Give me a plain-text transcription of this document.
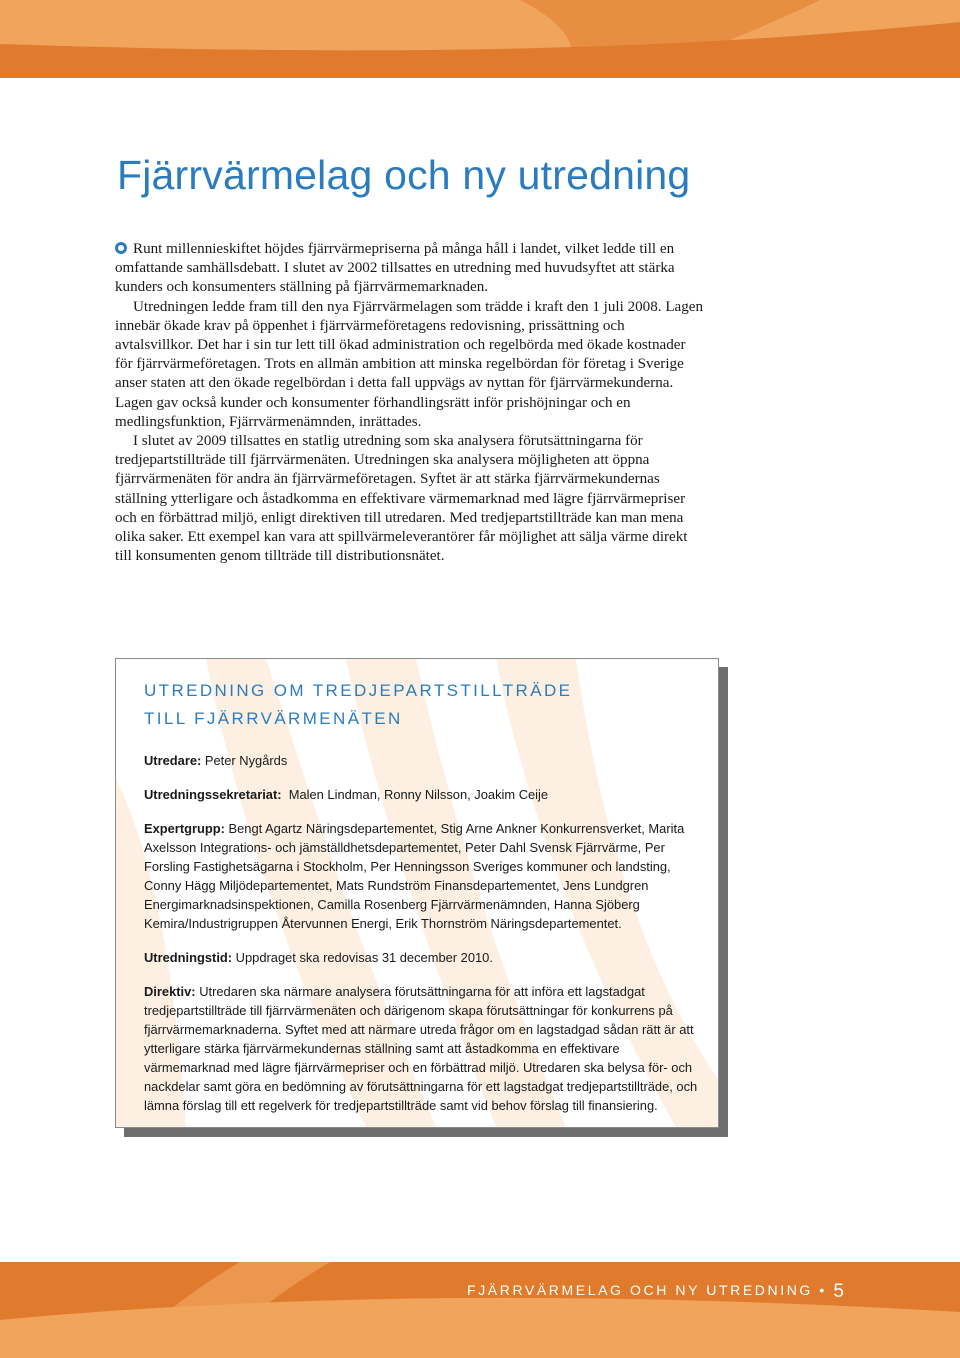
Fjärrvärmelag och ny utredning

Runt millennieskiftet höjdes fjärrvärmepriserna på många håll i landet, vilket ledde till en omfattande samhällsdebatt. I slutet av 2002 tillsattes en utredning med huvudsyftet att stärka kunders och konsumenters ställning på fjärrvärmemarknaden.

Utredningen ledde fram till den nya Fjärrvärmelagen som trädde i kraft den 1 juli 2008. Lagen innebär ökade krav på öppenhet i fjärrvärmeföretagens redovisning, prissättning och avtalsvillkor. Det har i sin tur lett till ökad administration och regelbörda med ökade kostnader för fjärrvärmeföretagen. Trots en allmän ambition att minska regelbördan för företag i Sverige anser staten att den ökade regelbördan i detta fall uppvägs av nyttan för fjärrvärmekunderna. Lagen gav också kunder och konsumenter förhandlingsrätt inför prishöjningar och en medlingsfunktion, Fjärrvärmenämnden, inrättades.

I slutet av 2009 tillsattes en statlig utredning som ska analysera förutsättningarna för tredjepartstillträde till fjärrvärmenäten. Utredningen ska analysera möjligheten att öppna fjärrvärmenäten för andra än fjärrvärmeföretagen. Syftet är att stärka fjärrvärmekundernas ställning ytterligare och åstadkomma en effektivare värmemarknad med lägre fjärrvärmepriser och en förbättrad miljö, enligt direktiven till utredaren. Med tredjepartstillträde kan man mena olika saker. Ett exempel kan vara att spillvärmeleverantörer får möjlighet att sälja värme direkt till konsumenten genom tillträde till distributionsnätet.

UTREDNING OM TREDJEPARTSTILLTRÄDE
TILL FJÄRRVÄRMENÄTEN

Utredare: Peter Nygårds

Utredningssekretariat: Malen Lindman, Ronny Nilsson, Joakim Ceije

Expertgrupp: Bengt Agartz Näringsdepartementet, Stig Arne Ankner Konkurrensverket, Marita Axelsson Integrations- och jämställdhetsdepartementet, Peter Dahl Svensk Fjärrvärme, Per Forsling Fastighetsägarna i Stockholm, Per Henningsson Sveriges kommuner och landsting, Conny Hägg Miljödepartementet, Mats Rundström Finansdepartementet, Jens Lundgren Energimarknadsinspektionen, Camilla Rosenberg Fjärrvärmenämnden, Hanna Sjöberg Kemira/Industrigruppen Återvunnen Energi, Erik Thornström Näringsdepartementet.

Utredningstid: Uppdraget ska redovisas 31 december 2010.

Direktiv: Utredaren ska närmare analysera förutsättningarna för att införa ett lagstadgat tredjepartstillträde till fjärrvärmenäten och därigenom skapa förutsättningar för konkurrens på fjärrvärmemarknaderna. Syftet med att närmare utreda frågor om en lagstadgad sådan rätt är att ytterligare stärka fjärrvärmekundernas ställning samt att åstadkomma en effektivare värmemarknad med lägre fjärrvärmepriser och en förbättrad miljö. Utredaren ska belysa för- och nackdelar samt göra en bedömning av förutsättningarna för ett lagstadgat tredjepartstillträde, och lämna förslag till ett regelverk för tredjepartstillträde samt vid behov förslag till finansiering.

FJÄRRVÄRMELAG OCH NY UTREDNING • 5
